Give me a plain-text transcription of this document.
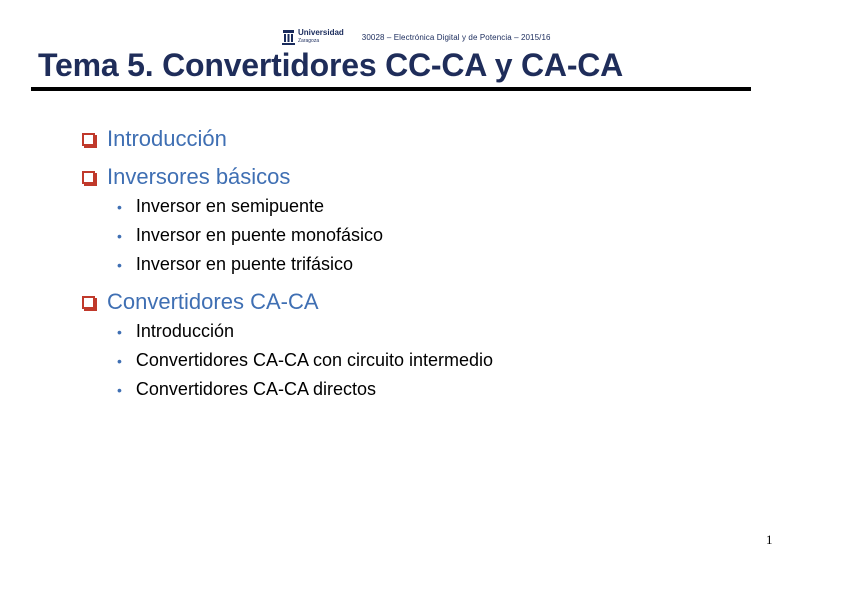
Universidad
Zaragoza	30028 – Electrónica Digital y de Potencia – 2015/16
Tema 5. Convertidores CC-CA y CA-CA
Introducción
Inversores básicos
• Inversor en semipuente
• Inversor en puente monofásico
• Inversor en puente trifásico
Convertidores CA-CA
• Introducción
• Convertidores CA-CA con circuito intermedio
• Convertidores CA-CA directos
1
